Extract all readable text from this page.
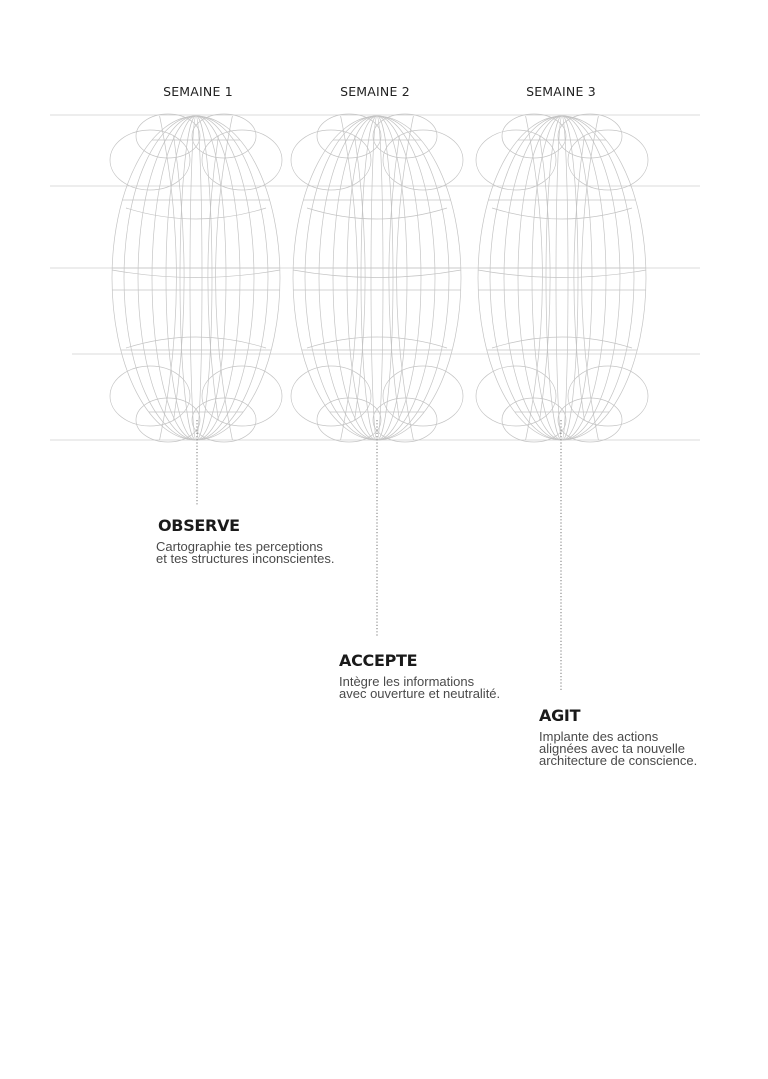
SEMAINE 1	SEMAINE 2	SEMAINE 3
OBSERVE
Cartographie tes perceptions
et tes structures inconscientes.
ACCEPTE
Intègre les informations
avec ouverture et neutralité.
AGIT
Implante des actions
alignées avec ta nouvelle
architecture de conscience.
